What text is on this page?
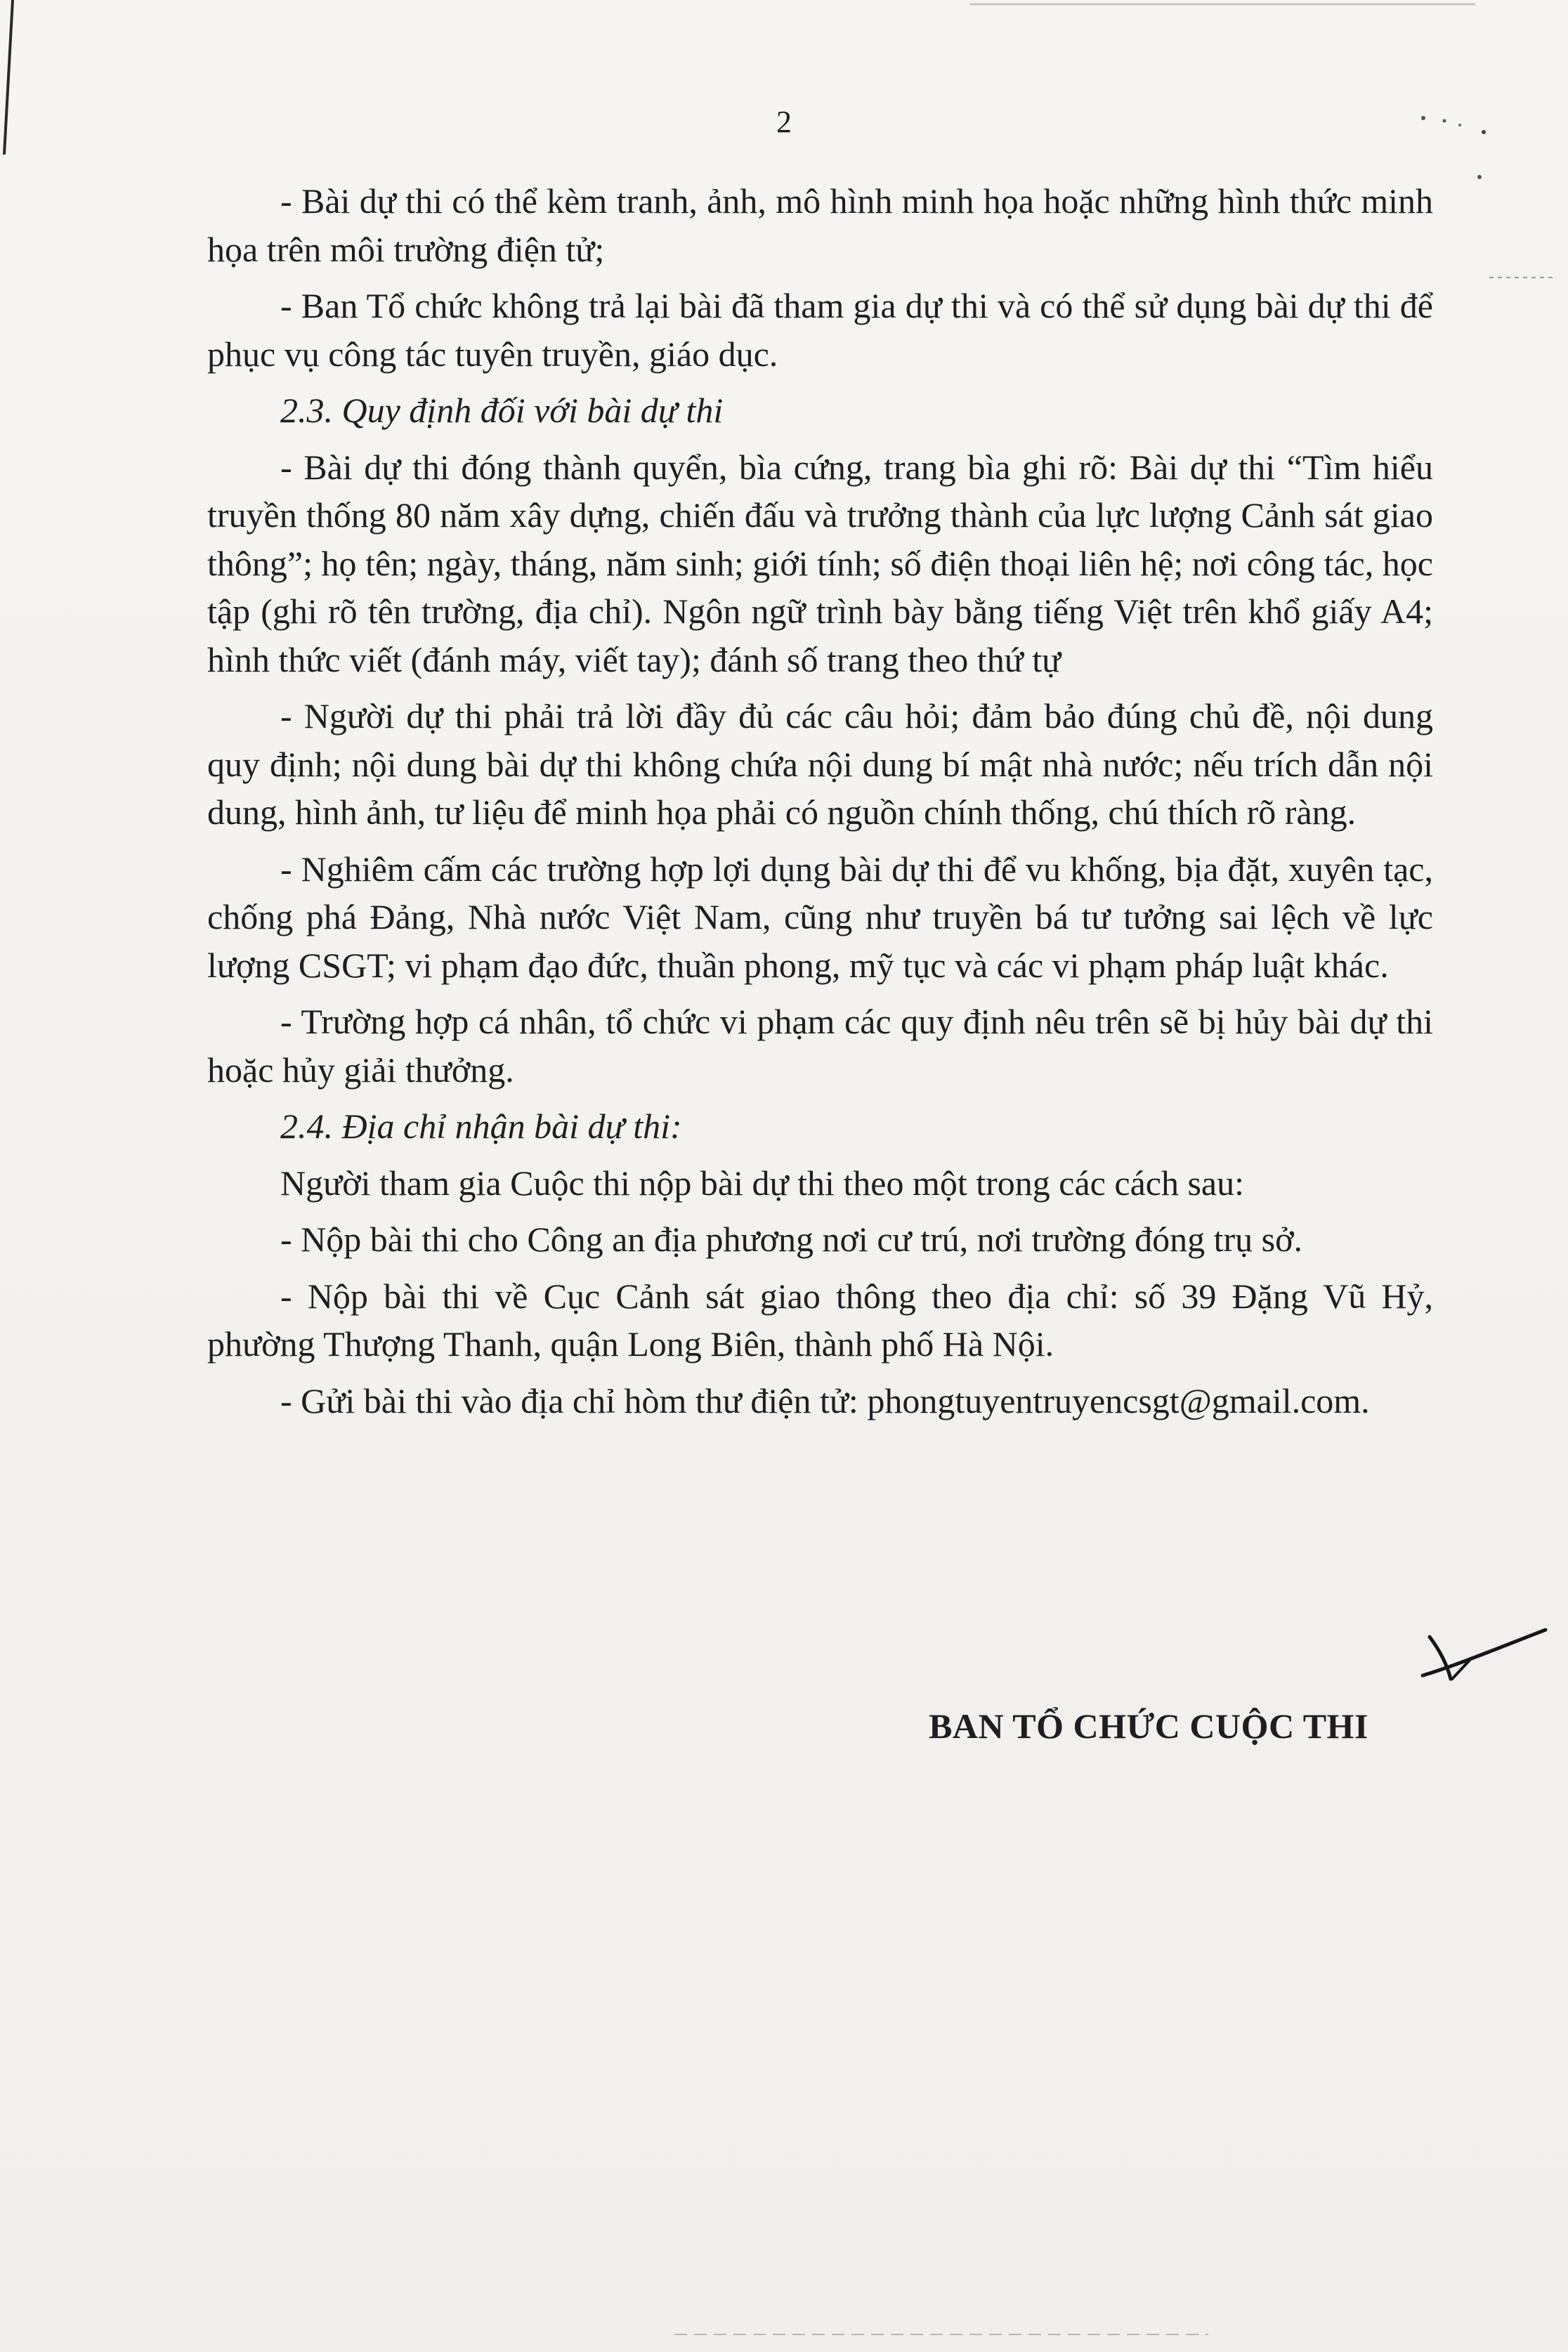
2

- Bài dự thi có thể kèm tranh, ảnh, mô hình minh họa hoặc những hình thức minh họa trên môi trường điện tử;

- Ban Tổ chức không trả lại bài đã tham gia dự thi và có thể sử dụng bài dự thi để phục vụ công tác tuyên truyền, giáo dục.

2.3. Quy định đối với bài dự thi

- Bài dự thi đóng thành quyển, bìa cứng, trang bìa ghi rõ: Bài dự thi “Tìm hiểu truyền thống 80 năm xây dựng, chiến đấu và trưởng thành của lực lượng Cảnh sát giao thông”; họ tên; ngày, tháng, năm sinh; giới tính; số điện thoại liên hệ; nơi công tác, học tập (ghi rõ tên trường, địa chỉ). Ngôn ngữ trình bày bằng tiếng Việt trên khổ giấy A4; hình thức viết (đánh máy, viết tay); đánh số trang theo thứ tự

- Người dự thi phải trả lời đầy đủ các câu hỏi; đảm bảo đúng chủ đề, nội dung quy định; nội dung bài dự thi không chứa nội dung bí mật nhà nước; nếu trích dẫn nội dung, hình ảnh, tư liệu để minh họa phải có nguồn chính thống, chú thích rõ ràng.

- Nghiêm cấm các trường hợp lợi dụng bài dự thi để vu khống, bịa đặt, xuyên tạc, chống phá Đảng, Nhà nước Việt Nam, cũng như truyền bá tư tưởng sai lệch về lực lượng CSGT; vi phạm đạo đức, thuần phong, mỹ tục và các vi phạm pháp luật khác.

- Trường hợp cá nhân, tổ chức vi phạm các quy định nêu trên sẽ bị hủy bài dự thi hoặc hủy giải thưởng.

2.4. Địa chỉ nhận bài dự thi:

Người tham gia Cuộc thi nộp bài dự thi theo một trong các cách sau:

- Nộp bài thi cho Công an địa phương nơi cư trú, nơi trường đóng trụ sở.

- Nộp bài thi về Cục Cảnh sát giao thông theo địa chỉ: số 39 Đặng Vũ Hỷ, phường Thượng Thanh, quận Long Biên, thành phố Hà Nội.

- Gửi bài thi vào địa chỉ hòm thư điện tử: phongtuyentruyencsgt@gmail.com.

BAN TỔ CHỨC CUỘC THI
